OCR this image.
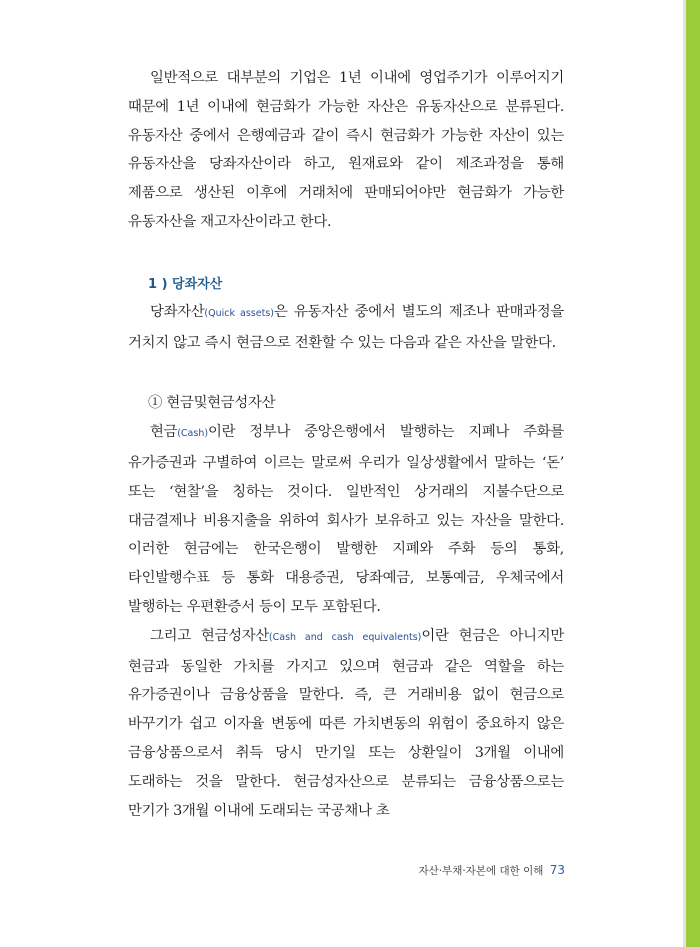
일반적으로 대부분의 기업은 1년 이내에 영업주기가 이루어지기 때문에 1년 이내에 현금화가 가능한 자산은 유동자산으로 분류된다. 유동자산 중에서 은행예금과 같이 즉시 현금화가 가능한 자산이 있는 유동자산을 당좌자산이라 하고, 원재료와 같이 제조과정을 통해 제품으로 생산된 이후에 거래처에 판매되어야만 현금화가 가능한 유동자산을 재고자산이라고 한다.

1 ) 당좌자산

당좌자산(Quick assets)은 유동자산 중에서 별도의 제조나 판매과정을 거치지 않고 즉시 현금으로 전환할 수 있는 다음과 같은 자산을 말한다.

① 현금및현금성자산

현금(Cash)이란 정부나 중앙은행에서 발행하는 지폐나 주화를 유가증권과 구별하여 이르는 말로써 우리가 일상생활에서 말하는 ‘돈’ 또는 ‘현찰’을 칭하는 것이다. 일반적인 상거래의 지불수단으로 대금결제나 비용지출을 위하여 회사가 보유하고 있는 자산을 말한다. 이러한 현금에는 한국은행이 발행한 지폐와 주화 등의 통화, 타인발행수표 등 통화 대용증권, 당좌예금, 보통예금, 우체국에서 발행하는 우편환증서 등이 모두 포함된다.

그리고 현금성자산(Cash and cash equivalents)이란 현금은 아니지만 현금과 동일한 가치를 가지고 있으며 현금과 같은 역할을 하는 유가증권이나 금융상품을 말한다. 즉, 큰 거래비용 없이 현금으로 바꾸기가 쉽고 이자율 변동에 따른 가치변동의 위험이 중요하지 않은 금융상품으로서 취득 당시 만기일 또는 상환일이 3개월 이내에 도래하는 것을 말한다. 현금성자산으로 분류되는 금융상품으로는 만기가 3개월 이내에 도래되는 국공채나 초

자산·부채·자본에 대한 이해 73
